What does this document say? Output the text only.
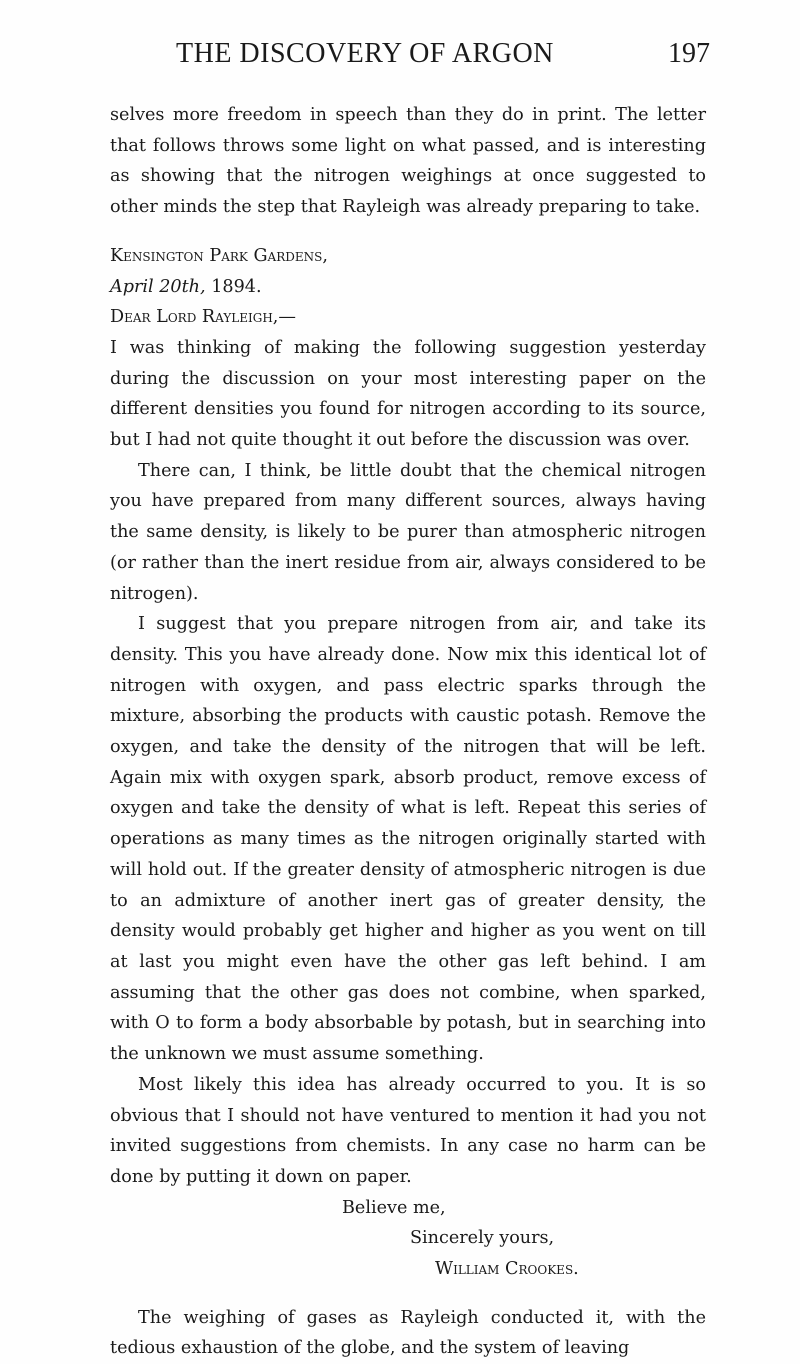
THE DISCOVERY OF ARGON	197

selves more freedom in speech than they do in print. The letter that follows throws some light on what passed, and is interesting as showing that the nitrogen weighings at once suggested to other minds the step that Rayleigh was already preparing to take.

Kensington Park Gardens,

April 20th, 1894.

Dear Lord Rayleigh,—

I was thinking of making the following suggestion yesterday during the discussion on your most interesting paper on the different densities you found for nitrogen according to its source, but I had not quite thought it out before the discussion was over.

There can, I think, be little doubt that the chemical nitrogen you have prepared from many different sources, always having the same density, is likely to be purer than atmospheric nitrogen (or rather than the inert residue from air, always considered to be nitrogen).

I suggest that you prepare nitrogen from air, and take its density. This you have already done. Now mix this identical lot of nitrogen with oxygen, and pass electric sparks through the mixture, absorbing the products with caustic potash. Remove the oxygen, and take the density of the nitrogen that will be left. Again mix with oxygen spark, absorb product, remove excess of oxygen and take the density of what is left. Repeat this series of operations as many times as the nitrogen originally started with will hold out. If the greater density of atmospheric nitrogen is due to an admixture of another inert gas of greater density, the density would probably get higher and higher as you went on till at last you might even have the other gas left behind. I am assuming that the other gas does not combine, when sparked, with O to form a body absorbable by potash, but in searching into the unknown we must assume something.

Most likely this idea has already occurred to you. It is so obvious that I should not have ventured to mention it had you not invited suggestions from chemists. In any case no harm can be done by putting it down on paper.

Believe me,

Sincerely yours,

William Crookes.

The weighing of gases as Rayleigh conducted it, with the tedious exhaustion of the globe, and the system of leaving
